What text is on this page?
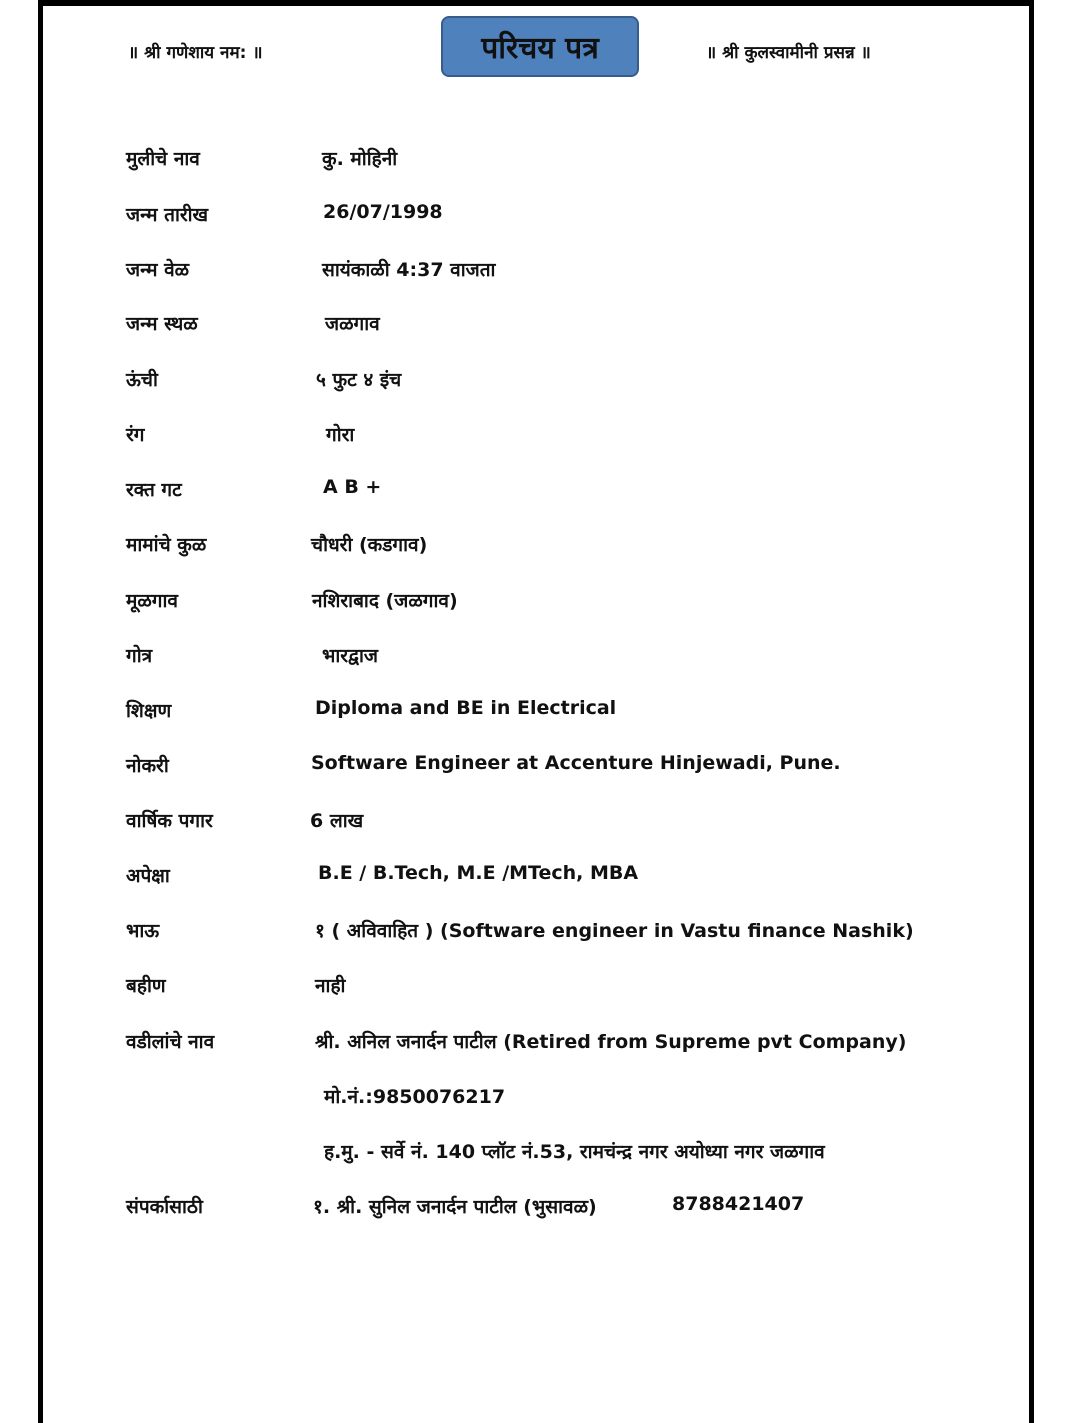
॥ श्री गणेशाय नम: ॥	परिचय पत्र	॥ श्री कुलस्वामीनी प्रसन्न ॥
मुलीचे नाव	कु. मोहिनी
जन्म तारीख	26/07/1998
जन्म वेळ	सायंकाळी 4:37 वाजता
जन्म स्थळ	जळगाव
ऊंची	५ फुट ४ इंच
रंग	गोरा
रक्त गट	A B +
मामांचे कुळ	चौधरी (कडगाव)
मूळगाव	नशिराबाद (जळगाव)
गोत्र	भारद्वाज
शिक्षण	Diploma and BE in Electrical
नोकरी	Software Engineer at Accenture Hinjewadi, Pune.
वार्षिक पगार	6 लाख
अपेक्षा	B.E / B.Tech, M.E /MTech, MBA
भाऊ	१ ( अविवाहित ) (Software engineer in Vastu finance Nashik)
बहीण	नाही
वडीलांचे नाव	श्री. अनिल जनार्दन पाटील (Retired from Supreme pvt Company)
मो.नं.:9850076217
ह.मु. - सर्वे नं. 140 प्लॉट नं.53, रामचंन्द्र नगर अयोध्या नगर जळगाव
संपर्कासाठी	१. श्री. सुनिल जनार्दन पाटील (भुसावळ)	8788421407
